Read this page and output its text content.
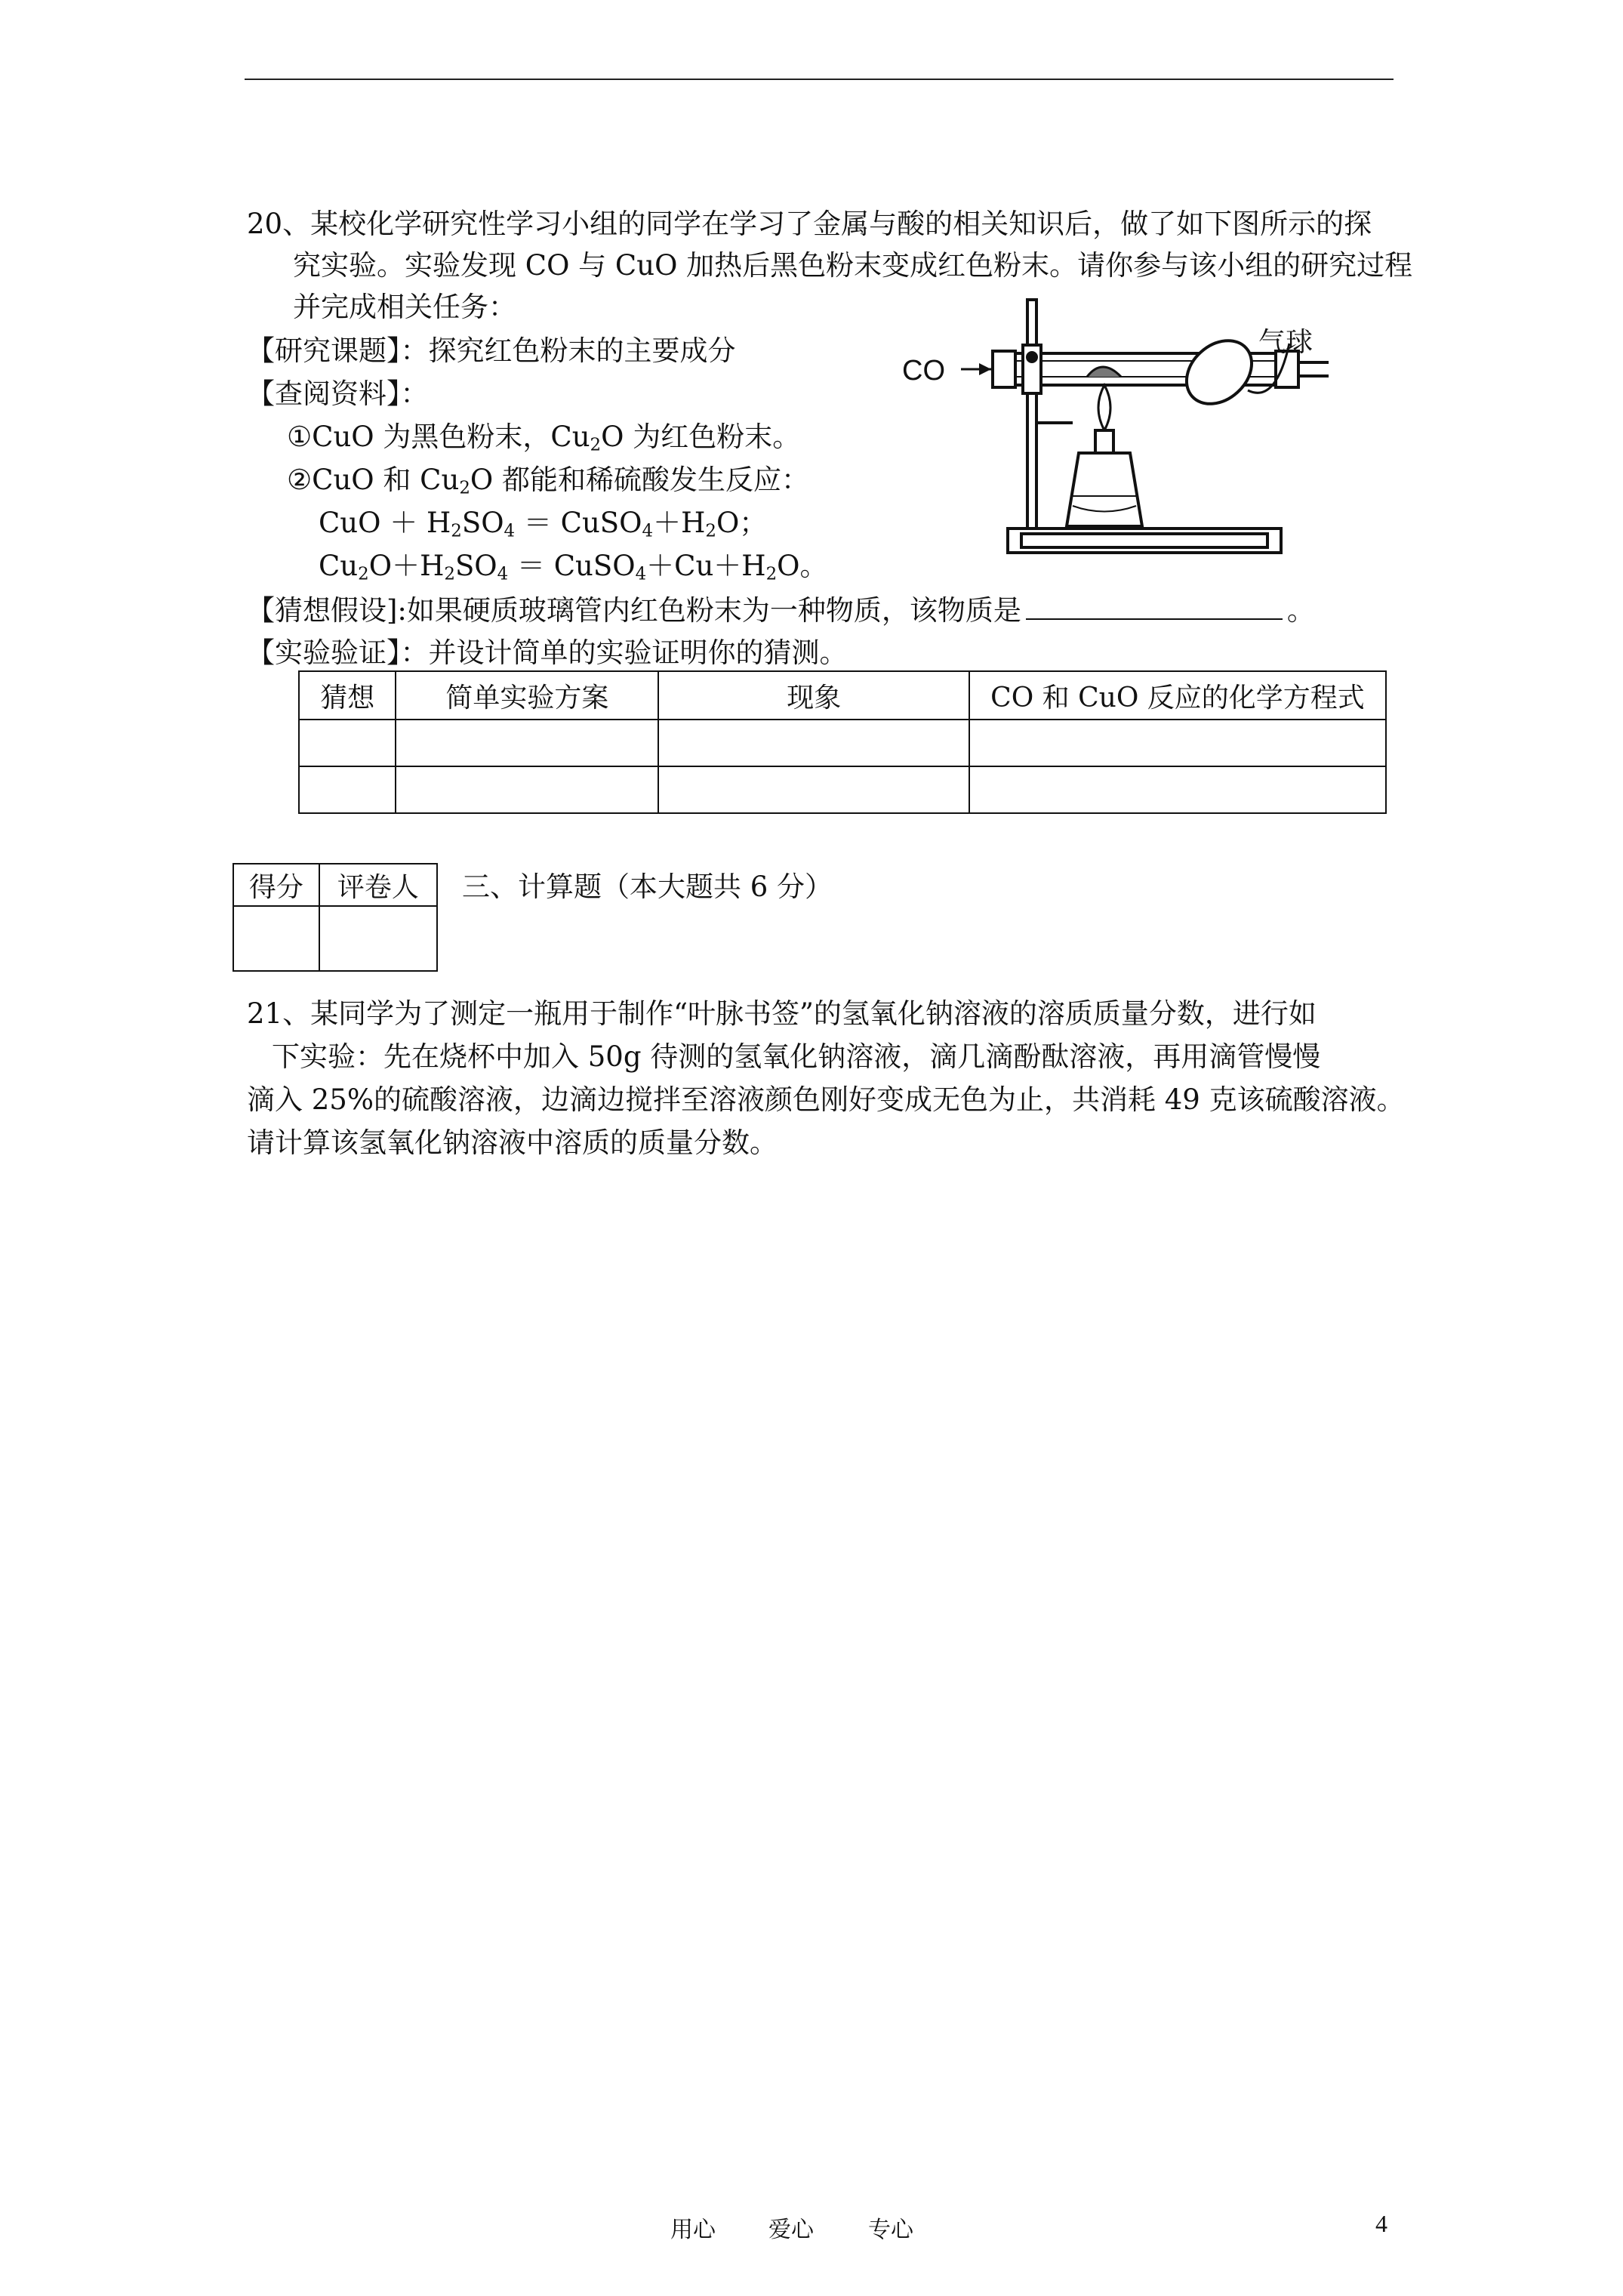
20、某校化学研究性学习小组的同学在学习了金属与酸的相关知识后，做了如下图所示的探
究实验。实验发现 CO 与 CuO 加热后黑色粉末变成红色粉末。请你参与该小组的研究过程
并完成相关任务：
【研究课题】：探究红色粉末的主要成分
【查阅资料】：
①CuO 为黑色粉末，$Cu_2O$ 为红色粉末。
②CuO 和 $Cu_2O$ 都能和稀硫酸发生反应：
CuO ＋ $H_2SO_4$ ＝ $CuSO_4+H_2O$；
$Cu_2O+H_2SO_4$ ＝ $CuSO_4+Cu+H_2O$。
【猜想假设]:如果硬质玻璃管内红色粉末为一种物质，该物质是	。
【实验验证】：并设计简单的实验证明你的猜测。
CO
气球
猜想	简单实验方案	现象	CO 和 CuO 反应的化学方程式

得分	评卷人
	三、计算题（本大题共 6 分）
21、某同学为了测定一瓶用于制作“叶脉书签”的氢氧化钠溶液的溶质质量分数，进行如
下实验：先在烧杯中加入 50g 待测的氢氧化钠溶液，滴几滴酚酞溶液，再用滴管慢慢
滴入 25%的硫酸溶液，边滴边搅拌至溶液颜色刚好变成无色为止，共消耗 49 克该硫酸溶液。
请计算该氢氧化钠溶液中溶质的质量分数。
用心 爱心 专心	4
